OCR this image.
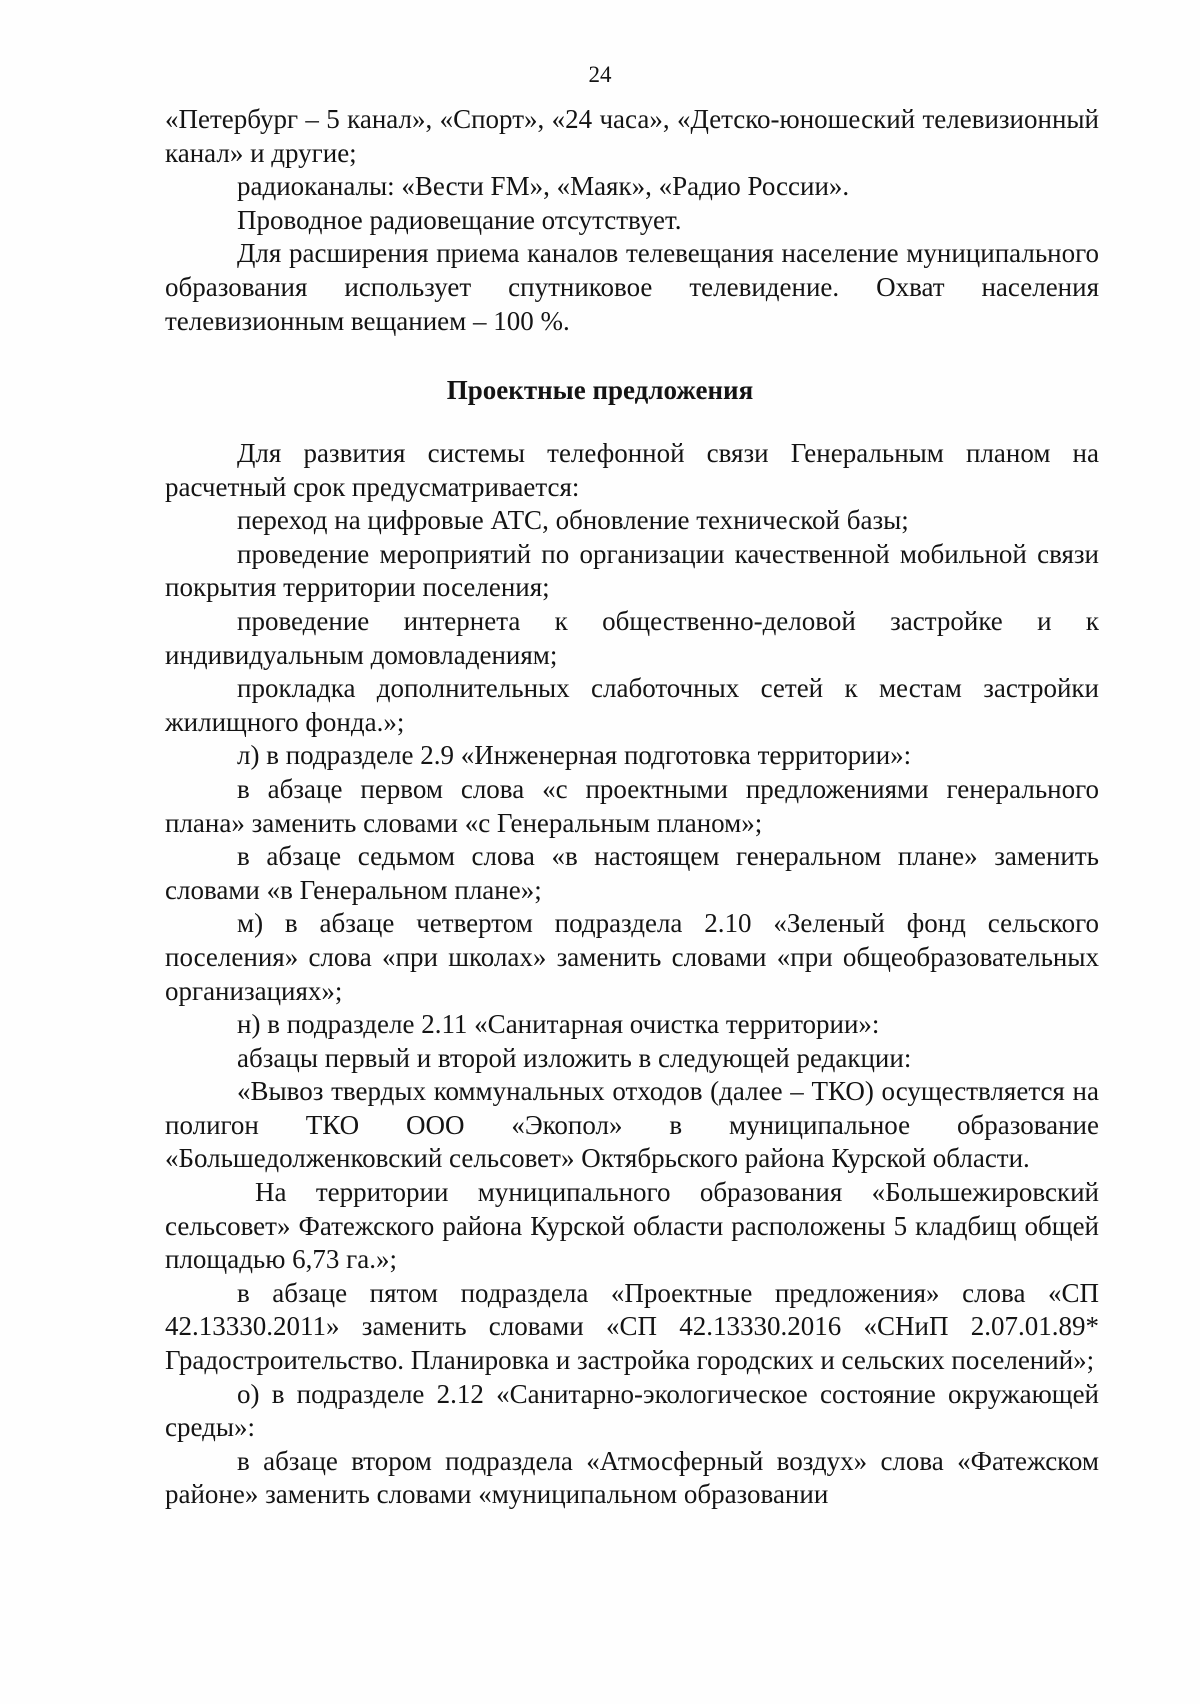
24

«Петербург – 5 канал», «Спорт», «24 часа», «Детско-юношеский телевизионный канал» и другие;

радиоканалы: «Вести FM», «Маяк», «Радио России».

Проводное радиовещание отсутствует.

Для расширения приема каналов телевещания население муниципального образования использует спутниковое телевидение. Охват населения телевизионным вещанием – 100 %.

Проектные предложения

Для развития системы телефонной связи Генеральным планом на расчетный срок предусматривается:

переход на цифровые АТС, обновление технической базы;

проведение мероприятий по организации качественной мобильной связи покрытия территории поселения;

проведение интернета к общественно-деловой застройке и к индивидуальным домовладениям;

прокладка дополнительных слаботочных сетей к местам застройки жилищного фонда.»;

л) в подразделе 2.9 «Инженерная подготовка территории»:

в абзаце первом слова «с проектными предложениями генерального плана» заменить словами «с Генеральным планом»;

в абзаце седьмом слова «в настоящем генеральном плане» заменить словами «в Генеральном плане»;

м) в абзаце четвертом подраздела 2.10 «Зеленый фонд сельского поселения» слова «при школах» заменить словами «при общеобразовательных организациях»;

н) в подразделе 2.11 «Санитарная очистка территории»:

абзацы первый и второй изложить в следующей редакции:

«Вывоз твердых коммунальных отходов (далее – ТКО) осуществляется на полигон ТКО ООО «Экопол» в муниципальное образование «Большедолженковский сельсовет» Октябрьского района Курской области.

На территории муниципального образования «Большежировский сельсовет» Фатежского района Курской области расположены 5 кладбищ общей площадью 6,73 га.»;

в абзаце пятом подраздела «Проектные предложения» слова «СП 42.13330.2011» заменить словами «СП 42.13330.2016 «СНиП 2.07.01.89* Градостроительство. Планировка и застройка городских и сельских поселений»;

о) в подразделе 2.12 «Санитарно-экологическое состояние окружающей среды»:

в абзаце втором подраздела «Атмосферный воздух» слова «Фатежском районе» заменить словами «муниципальном образовании
